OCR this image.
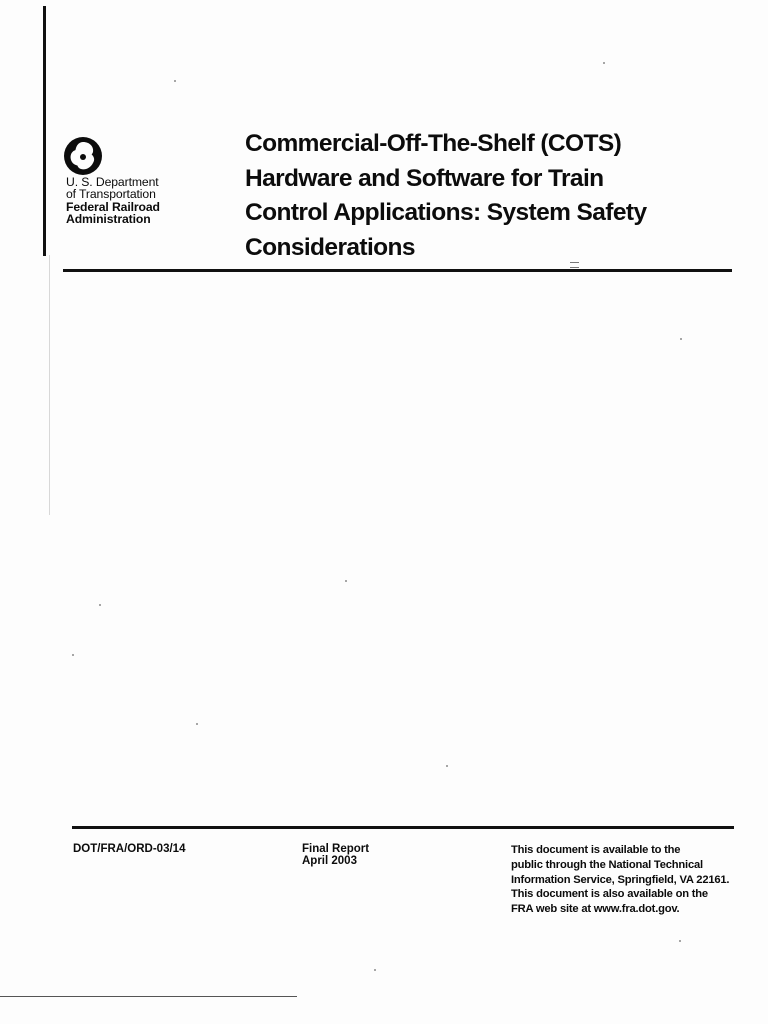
U. S. Department
of Transportation
Federal Railroad
Administration
Commercial-Off-The-Shelf (COTS)
Hardware and Software for Train
Control Applications: System Safety
Considerations
DOT/FRA/ORD-03/14	Final Report
April 2003

This document is available to the
public through the National Technical
Information Service, Springfield, VA 22161.
This document is also available on the
FRA web site at www.fra.dot.gov.
